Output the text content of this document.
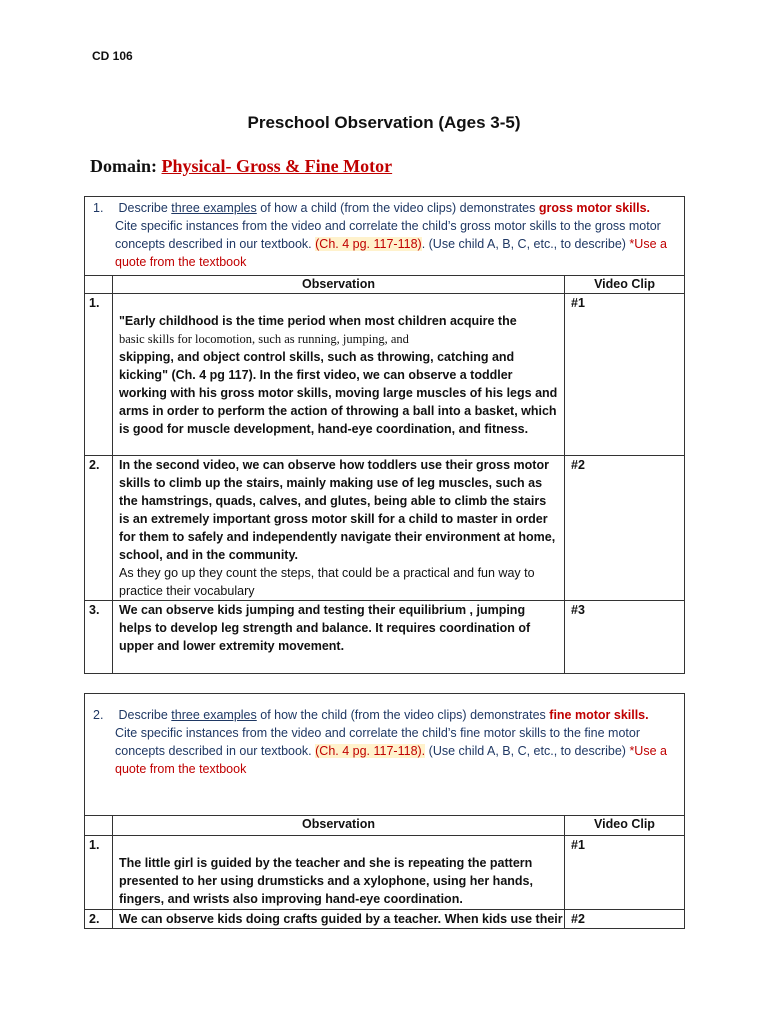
CD 106
Preschool Observation (Ages 3-5)
Domain: Physical- Gross & Fine Motor
1. Describe three examples of how a child (from the video clips) demonstrates gross motor skills. Cite specific instances from the video and correlate the child’s gross motor skills to the gross motor concepts described in our textbook. (Ch. 4 pg. 117-118). (Use child A, B, C, etc., to describe) *Use a quote from the textbook		
	Observation	Video Clip
1.	"Early childhood is the time period when most children acquire the
basic skills for locomotion, such as running, jumping, and
skipping, and object control skills, such as throwing, catching and kicking" (Ch. 4 pg 117). In the first video, we can observe a toddler working with his gross motor skills, moving large muscles of his legs and arms in order to perform the action of throwing a ball into a basket, which is good for muscle development, hand-eye coordination, and fitness.	#1
2.	In the second video, we can observe how toddlers use their gross motor skills to climb up the stairs, mainly making use of leg muscles, such as the hamstrings, quads, calves, and glutes, being able to climb the stairs is an extremely important gross motor skill for a child to master in order for them to safely and independently navigate their environment at home, school, and in the community.
As they go up they count the steps, that could be a practical and fun way to practice their vocabulary	#2
3.	We can observe kids jumping and testing their equilibrium , jumping helps to develop leg strength and balance. It requires coordination of upper and lower extremity movement.	#3
2. Describe three examples of how the child (from the video clips) demonstrates fine motor skills. Cite specific instances from the video and correlate the child’s fine motor skills to the fine motor concepts described in our textbook. (Ch. 4 pg. 117-118). (Use child A, B, C, etc., to describe) *Use a quote from the textbook		
	Observation	Video Clip
1.	The little girl is guided by the teacher and she is repeating the pattern presented to her using drumsticks and a xylophone, using her hands, fingers, and wrists also improving hand-eye coordination.	#1
2.	We can observe kids doing crafts guided by a teacher. When kids use their	#2
